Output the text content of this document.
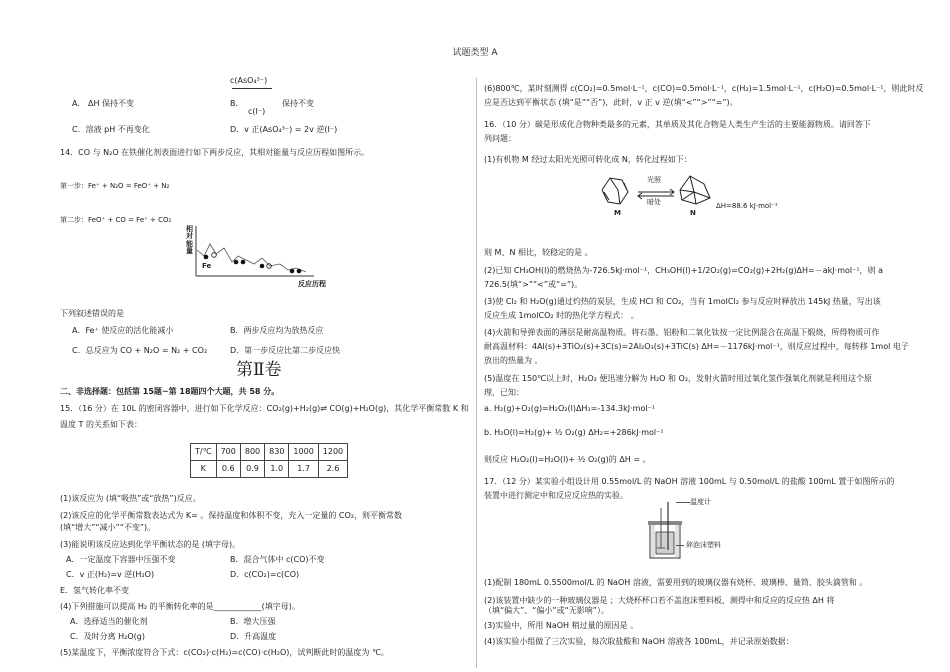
试题类型 A
c(AsO₄³⁻)
A． ΔH 保持不变	B．
c(I⁻)
保持不变
C．溶液 pH 不再变化	D．v 正(AsO₄³⁻) = 2v 逆(I⁻)
14．CO 与 N₂O 在铁催化剂表面进行如下两步反应，其相对能量与反应历程如图所示。
第一步：Fe⁺ + N₂O = FeO⁺ + N₂
第二步：FeO⁺ + CO = Fe⁺ + CO₂
相
对
能
量
Fe
反应历程
下列叙述错误的是
A．Fe⁺ 使反应的活化能减小	B．两步反应均为放热反应
C．总反应为 CO + N₂O = N₂ + CO₂	D．第一步反应比第二步反应快
第Ⅱ卷
二、非选择题：包括第 15题~第 18题四个大题，共 58 分。
15．（16 分）在 10L 的密闭容器中，进行如下化学反应：CO₂(g)+H₂(g)⇌ CO(g)+H₂O(g)，其化学平衡常数 K 和
温度 T 的关系如下表：
T/℃	700	800	830	1000	1200
K	0.6	0.9	1.0	1.7	2.6
(1)该反应为 (填“吸热”或“放热”)反应。
(2)该反应的化学平衡常数表达式为 K= 。保持温度和体积不变，充入一定量的 CO₂，则平衡常数
(填“增大”“减小”“不变”)。
(3)能说明该反应达到化学平衡状态的是 (填字母)。
A．一定温度下容器中压强不变	B．混合气体中 c(CO)不变
C．v 正(H₂)=v 逆(H₂O)	D．c(CO₂)=c(CO)
E．氢气转化率不变
(4)下列措施可以提高 H₂ 的平衡转化率的是____________(填字母)。
A．选择适当的催化剂	B．增大压强
C．及时分离 H₂O(g)	D．升高温度
(5)某温度下，平衡浓度符合下式：c(CO₂)·c(H₂)=c(CO)·c(H₂O)，试判断此时的温度为 ℃。
(6)800℃，某时刻测得 c(CO₂)=0.5mol·L⁻¹，c(CO)=0.5mol·L⁻¹，c(H₂)=1.5mol·L⁻¹，c(H₂O)=0.5mol·L⁻¹，则此时反
应是否达到平衡状态 (填“是”“否”)，此时，v 正 v 逆(填“<”“>”“=”)。
16．（10 分）碳是形成化合物种类最多的元素，其单质及其化合物是人类生产生活的主要能源物质。请回答下
列问题：
(1)有机物 M 经过太阳光光照可转化成 N，转化过程如下：
光照
暗处
M	N
ΔH=88.6 kJ·mol⁻¹
则 M、N 相比，较稳定的是 。
(2)已知 CH₃OH(l)的燃烧热为-726.5kJ·mol⁻¹，CH₃OH(l)+1/2O₂(g)=CO₂(g)+2H₂(g)ΔH=－akJ·mol⁻¹，则 a
726.5(填“>”“<”或“=”)。
(3)使 Cl₂ 和 H₂O(g)通过灼热的炭层，生成 HCl 和 CO₂，当有 1molCl₂ 参与反应时释放出 145kJ 热量，写出该
反应生成 1molCO₂ 时的热化学方程式： 。
(4)火箭和导弹表面的薄层是耐高温物质。将石墨、铝粉和二氧化钛按一定比例混合在高温下煅烧，所得物质可作
耐高温材料：4Al(s)+3TiO₂(s)+3C(s)=2Al₂O₃(s)+3TiC(s) ΔH=－1176kJ·mol⁻¹，则反应过程中，每转移 1mol 电子
放出的热量为 。
(5)温度在 150℃以上时，H₂O₂ 便迅速分解为 H₂O 和 O₂，发射火箭时用过氧化氢作强氧化剂就是利用这个原
理，已知：
a. H₂(g)+O₂(g)=H₂O₂(l)ΔH₁=-134.3kJ·mol⁻¹
b. H₂O(l)=H₂(g)+ ½ O₂(g) ΔH₂=+286kJ·mol⁻¹
则反应 H₂O₂(l)=H₂O(l)+ ½ O₂(g)的 ΔH = 。
17．（12 分）某实验小组设计用 0.55mol/L 的 NaOH 溶液 100mL 与 0.50mol/L 的盐酸 100mL 置于如图所示的
装置中进行测定中和反应反应热的实验。
温度计
碎泡沫塑料
(1)配制 180mL 0.5500mol/L 的 NaOH 溶液，需要用到的玻璃仪器有烧杯、玻璃棒、量筒、胶头滴管和 。
(2)该装置中缺少的一种玻璃仪器是 ；大烧杯杯口若不盖泡沫塑料板，测得中和反应的反应热 ΔH 将
（填“偏大”、“偏小”或“无影响”）。
(3)实验中，所用 NaOH 稍过量的原因是 。
(4)该实验小组做了三次实验，每次取盐酸和 NaOH 溶液各 100mL，并记录原始数据：
